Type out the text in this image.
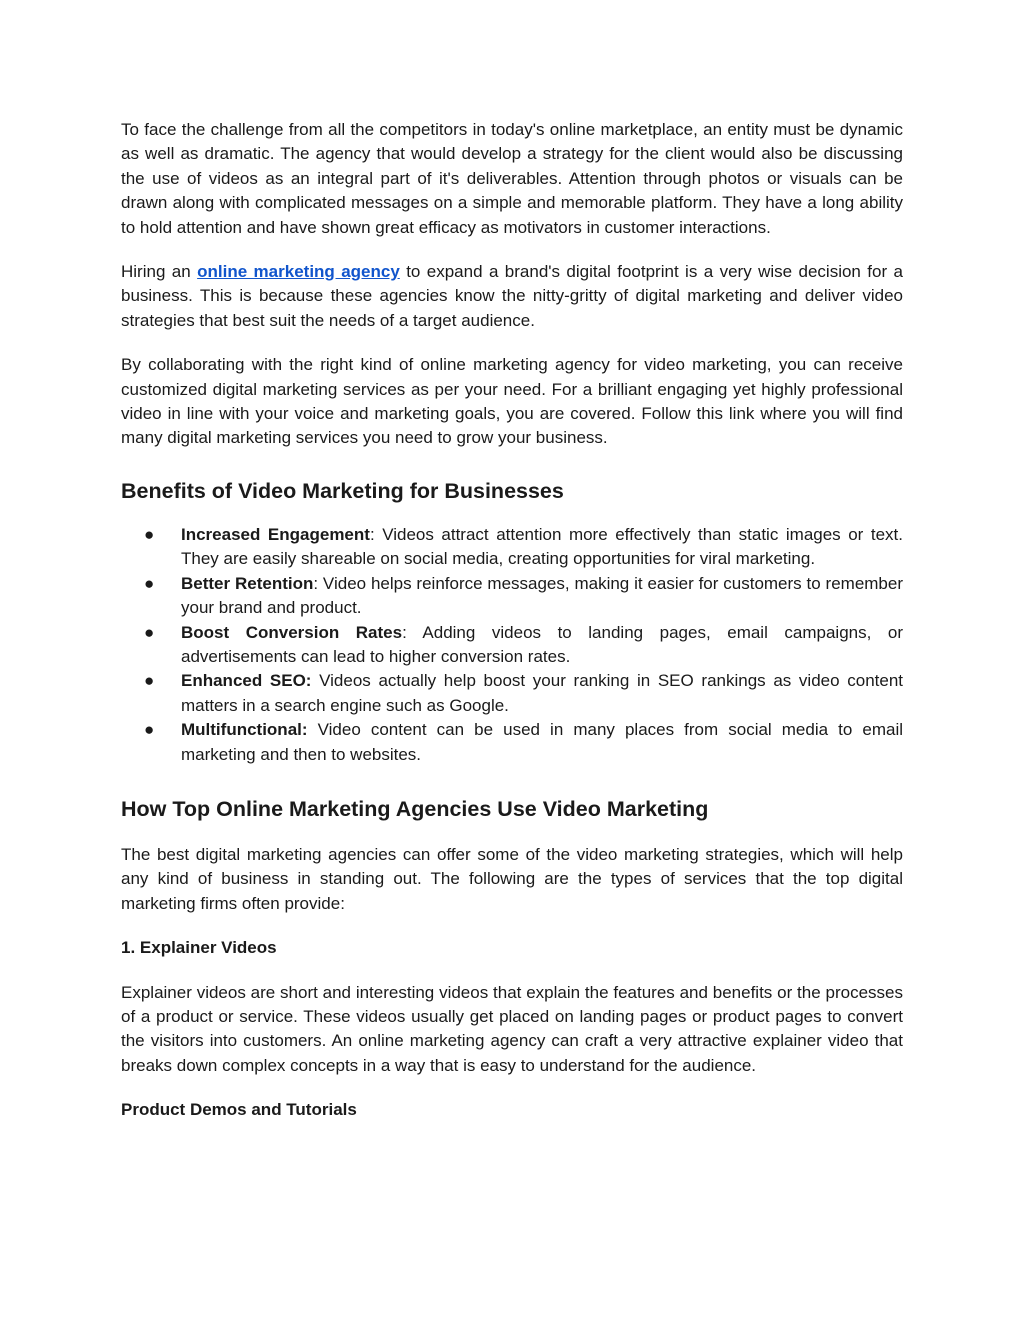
To face the challenge from all the competitors in today's online marketplace, an entity must be dynamic as well as dramatic. The agency that would develop a strategy for the client would also be discussing the use of videos as an integral part of it's deliverables. Attention through photos or visuals can be drawn along with complicated messages on a simple and memorable platform. They have a long ability to hold attention and have shown great efficacy as motivators in customer interactions.

Hiring an online marketing agency to expand a brand's digital footprint is a very wise decision for a business. This is because these agencies know the nitty-gritty of digital marketing and deliver video strategies that best suit the needs of a target audience.

By collaborating with the right kind of online marketing agency for video marketing, you can receive customized digital marketing services as per your need. For a brilliant engaging yet highly professional video in line with your voice and marketing goals, you are covered. Follow this link where you will find many digital marketing services you need to grow your business.

Benefits of Video Marketing for Businesses
● Increased Engagement: Videos attract attention more effectively than static images or text. They are easily shareable on social media, creating opportunities for viral marketing.
● Better Retention: Video helps reinforce messages, making it easier for customers to remember your brand and product.
● Boost Conversion Rates: Adding videos to landing pages, email campaigns, or advertisements can lead to higher conversion rates.
● Enhanced SEO: Videos actually help boost your ranking in SEO rankings as video content matters in a search engine such as Google.
● Multifunctional: Video content can be used in many places from social media to email marketing and then to websites.
How Top Online Marketing Agencies Use Video Marketing

The best digital marketing agencies can offer some of the video marketing strategies, which will help any kind of business in standing out. The following are the types of services that the top digital marketing firms often provide:

1. Explainer Videos

Explainer videos are short and interesting videos that explain the features and benefits or the processes of a product or service. These videos usually get placed on landing pages or product pages to convert the visitors into customers. An online marketing agency can craft a very attractive explainer video that breaks down complex concepts in a way that is easy to understand for the audience.

Product Demos and Tutorials
